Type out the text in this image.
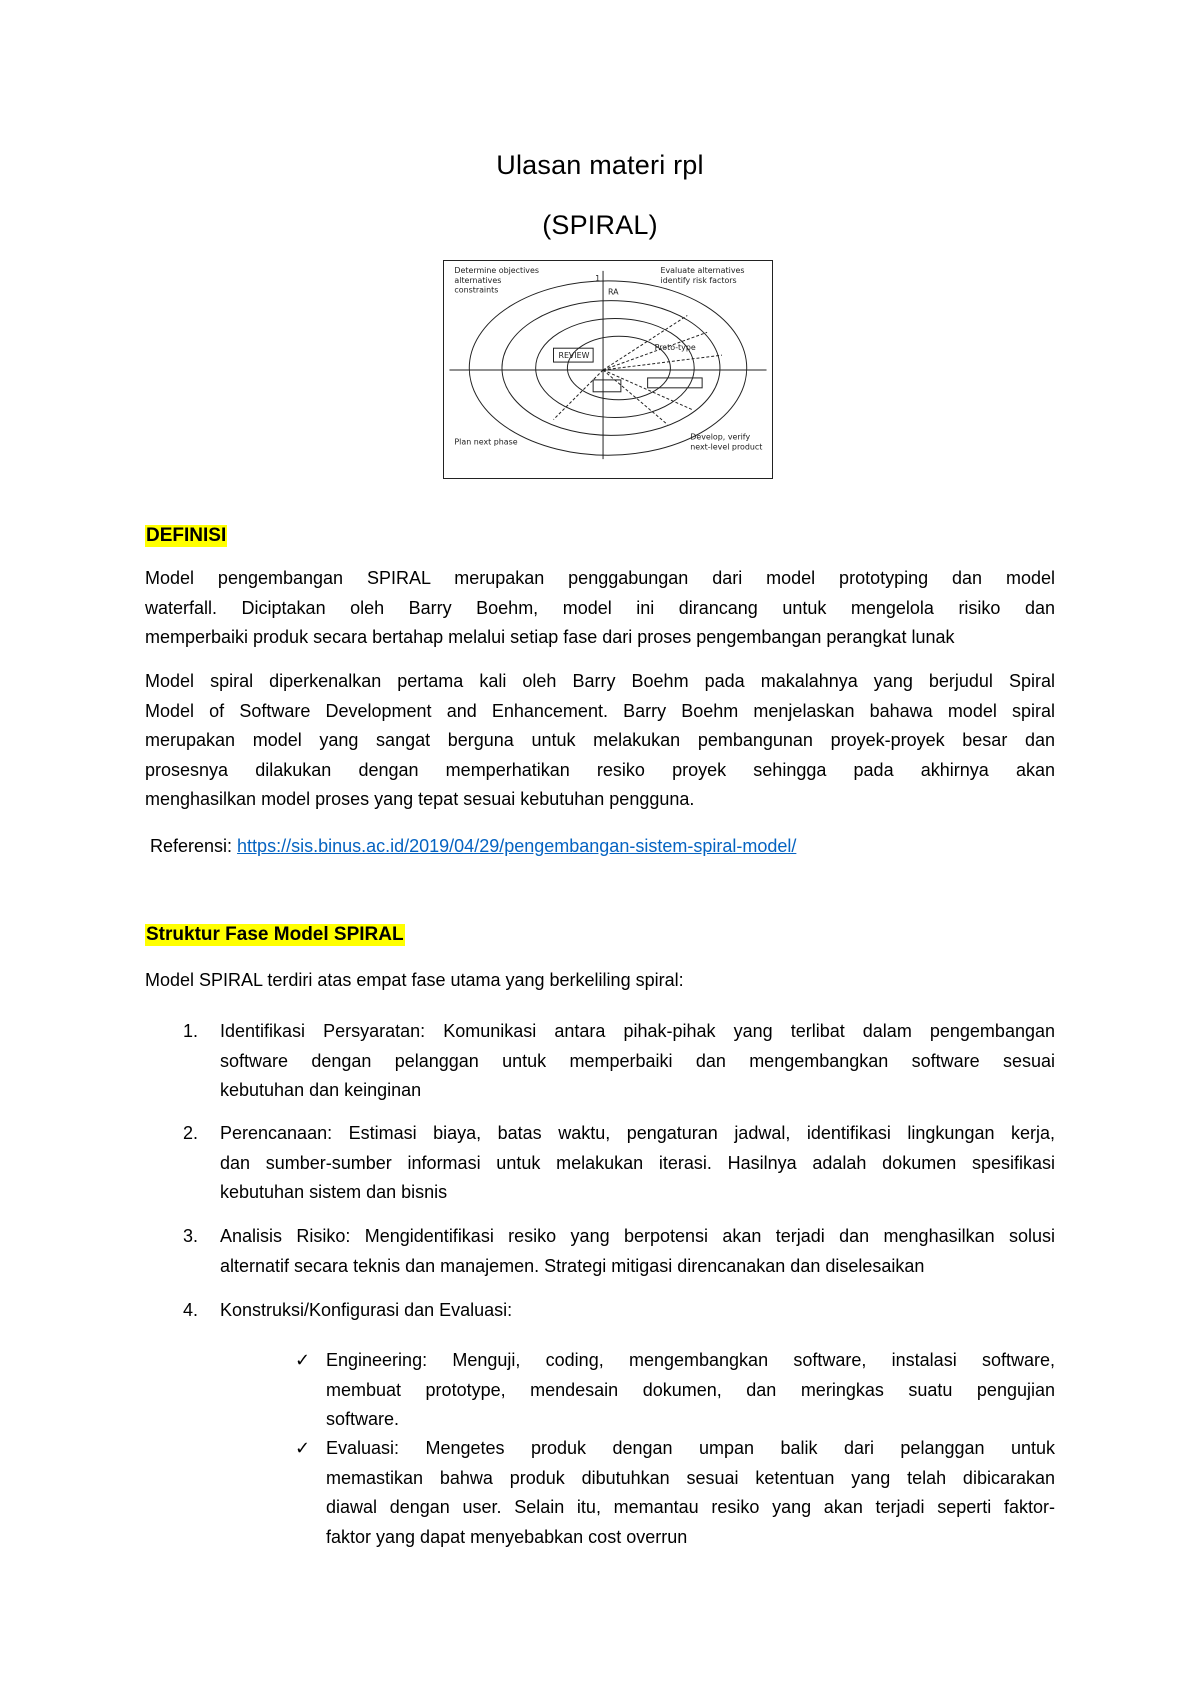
Ulasan materi rpl
(SPIRAL)
Determine objectives
alternatives
constraints
Evaluate alternatives
identify risk factors
Plan next phase
Develop, verify
next-level product
REVIEW
1
RA
Proto-type
DEFINISI
Model pengembangan SPIRAL merupakan penggabungan dari model prototyping dan model
waterfall. Diciptakan oleh Barry Boehm, model ini dirancang untuk mengelola risiko dan
memperbaiki produk secara bertahap melalui setiap fase dari proses pengembangan perangkat lunak
Model spiral diperkenalkan pertama kali oleh Barry Boehm pada makalahnya yang berjudul Spiral
Model of Software Development and Enhancement. Barry Boehm menjelaskan bahawa model spiral
merupakan model yang sangat berguna untuk melakukan pembangunan proyek-proyek besar dan
prosesnya dilakukan dengan memperhatikan resiko proyek sehingga pada akhirnya akan
menghasilkan model proses yang tepat sesuai kebutuhan pengguna.
Referensi: https://sis.binus.ac.id/2019/04/29/pengembangan-sistem-spiral-model/
Struktur Fase Model SPIRAL
Model SPIRAL terdiri atas empat fase utama yang berkeliling spiral:
1. Identifikasi Persyaratan: Komunikasi antara pihak-pihak yang terlibat dalam pengembangan
software dengan pelanggan untuk memperbaiki dan mengembangkan software sesuai
kebutuhan dan keinginan
2. Perencanaan: Estimasi biaya, batas waktu, pengaturan jadwal, identifikasi lingkungan kerja,
dan sumber-sumber informasi untuk melakukan iterasi. Hasilnya adalah dokumen spesifikasi
kebutuhan sistem dan bisnis
3. Analisis Risiko: Mengidentifikasi resiko yang berpotensi akan terjadi dan menghasilkan solusi
alternatif secara teknis dan manajemen. Strategi mitigasi direncanakan dan diselesaikan
4. Konstruksi/Konfigurasi dan Evaluasi:
✓ Engineering: Menguji, coding, mengembangkan software, instalasi software,
membuat prototype, mendesain dokumen, dan meringkas suatu pengujian
software.
✓ Evaluasi: Mengetes produk dengan umpan balik dari pelanggan untuk
memastikan bahwa produk dibutuhkan sesuai ketentuan yang telah dibicarakan
diawal dengan user. Selain itu, memantau resiko yang akan terjadi seperti faktor-
faktor yang dapat menyebabkan cost overrun
